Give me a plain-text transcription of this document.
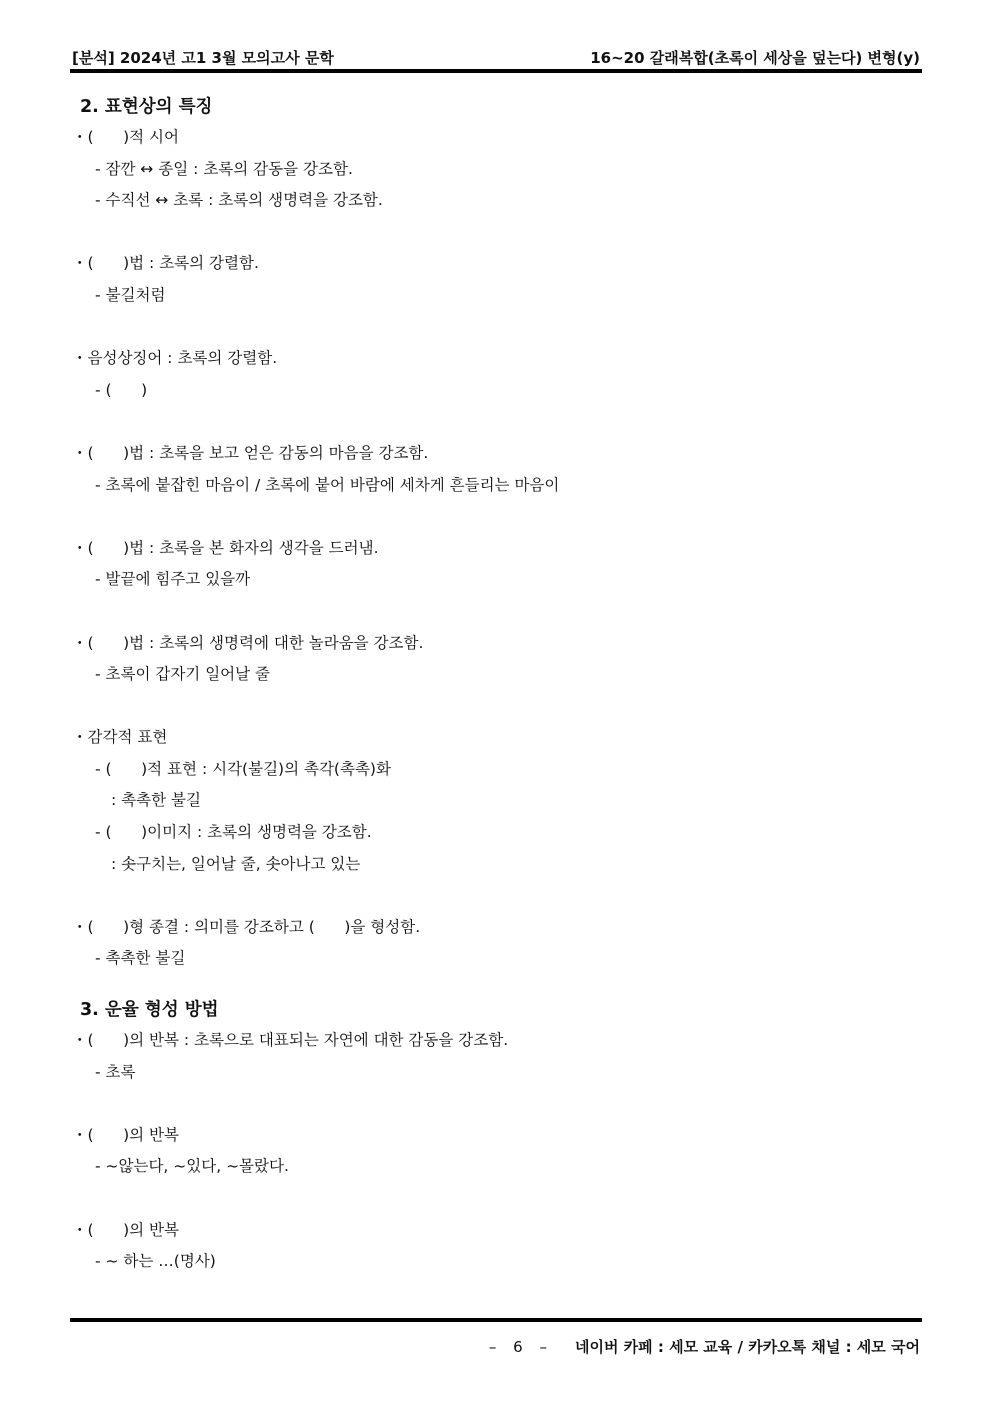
[분석] 2024년 고1 3월 모의고사 문학	16~20 갈래복합(초록이 세상을 덮는다) 변형(y)
2. 표현상의 특징
・(      )적 시어
- 잠깐 ↔ 종일 : 초록의 감동을 강조함.
- 수직선 ↔ 초록 : 초록의 생명력을 강조함.
・(      )법 : 초록의 강렬함.
- 불길처럼
・음성상징어 : 초록의 강렬함.
- (      )
・(      )법 : 초록을 보고 얻은 감동의 마음을 강조함.
- 초록에 붙잡힌 마음이 / 초록에 붙어 바람에 세차게 흔들리는 마음이
・(      )법 : 초록을 본 화자의 생각을 드러냄.
- 발끝에 힘주고 있을까
・(      )법 : 초록의 생명력에 대한 놀라움을 강조함.
- 초록이 갑자기 일어날 줄
・감각적 표현
- (      )적 표현 : 시각(불길)의 촉각(촉촉)화
: 촉촉한 불길
- (      )이미지 : 초록의 생명력을 강조함.
: 솟구치는, 일어날 줄, 솟아나고 있는
・(      )형 종결 : 의미를 강조하고 (      )을 형성함.
- 촉촉한 불길
3. 운율 형성 방법
・(      )의 반복 : 초록으로 대표되는 자연에 대한 감동을 강조함.
- 초록
・(      )의 반복
- ~않는다, ~있다, ~몰랐다.
・(      )의 반복
- ~ 하는 …(명사)
– 6 – 네이버 카페 : 세모 교육 / 카카오톡 채널 : 세모 국어
